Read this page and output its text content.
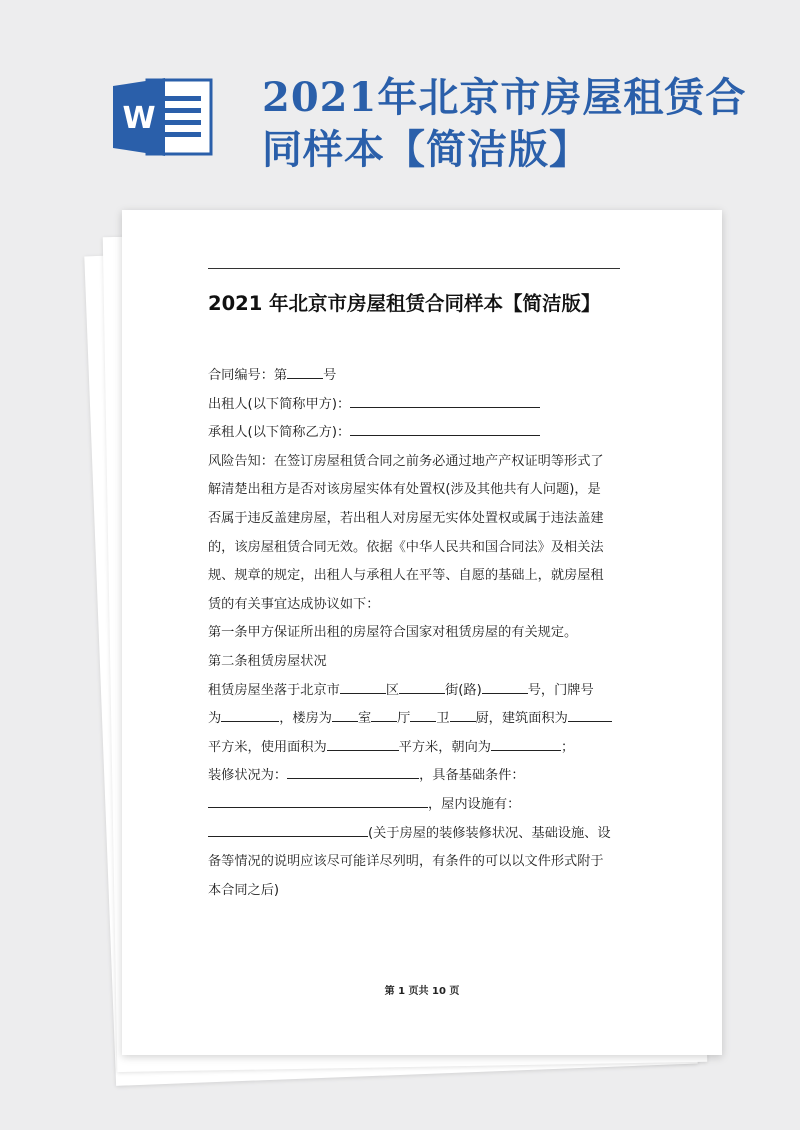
W	2021年北京市房屋租赁合
同样本【简洁版】
2021 年北京市房屋租赁合同样本【简洁版】
合同编号：第	号
出租人(以下简称甲方)：
承租人(以下简称乙方)：
风险告知：在签订房屋租赁合同之前务必通过地产产权证明等形式了
解清楚出租方是否对该房屋实体有处置权(涉及其他共有人问题)，是
否属于违反盖建房屋，若出租人对房屋无实体处置权或属于违法盖建
的，该房屋租赁合同无效。依据《中华人民共和国合同法》及相关法
规、规章的规定，出租人与承租人在平等、自愿的基础上，就房屋租
赁的有关事宜达成协议如下：
第一条甲方保证所出租的房屋符合国家对租赁房屋的有关规定。
第二条租赁房屋状况
租赁房屋坐落于北京市	区	街(路)	号，门牌号
为	，楼房为 室 厅 卫 厨，建筑面积为
平方米，使用面积为	平方米，朝向为	；
装修状况为：	，具备基础条件：
，屋内设施有：
(关于房屋的装修装修状况、基础设施、设
备等情况的说明应该尽可能详尽列明，有条件的可以以文件形式附于
本合同之后)
第 1 页共 10 页
